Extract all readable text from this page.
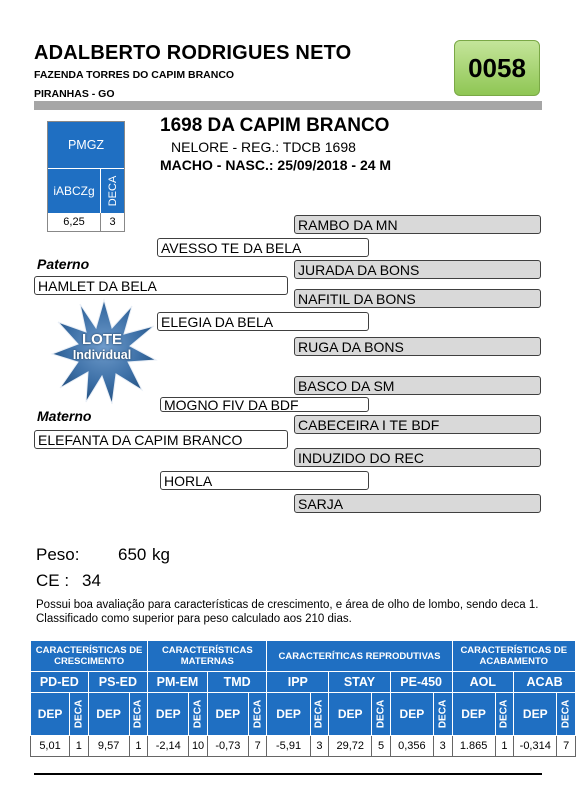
ADALBERTO RODRIGUES NETO
FAZENDA TORRES DO CAPIM BRANCO
PIRANHAS - GO
0058
PMGZ
iABCZg	DECA
6,25	3
1698 DA CAPIM BRANCO
NELORE - REG.: TDCB 1698
MACHO - NASC.: 25/09/2018 - 24 M
RAMBO DA MN
AVESSO TE DA BELA
Paterno	JURADA DA BONS
HAMLET DA BELA
NAFITIL DA BONS
ELEGIA DA BELA
RUGA DA BONS
LOTE
Individual
BASCO DA SM
MOGNO FIV DA BDF
Materno
CABECEIRA I TE BDF
ELEFANTA DA CAPIM BRANCO
INDUZIDO DO REC
HORLA
SARJA
Peso: 650 kg
CE : 34
Possui boa avaliação para características de crescimento, e área de olho de lombo, sendo deca 1. Classificado como superior para peso calculado aos 210 dias.
CARACTERÍSTICAS DE CRESCIMENTO				CARACTERÍSTICAS MATERNAS				CARACTERÍTICAS REPRODUTIVAS						CARACTERÍSTICAS DE ACABAMENTO			
PD-ED		PS-ED		PM-EM		TMD		IPP		STAY		PE-450		AOL		ACAB	
DEP	DECA	DEP	DECA	DEP	DECA	DEP	DECA	DEP	DECA	DEP	DECA	DEP	DECA	DEP	DECA	DEP	DECA

5,01	1	9,57	1	-2,14	10	-0,73	7	-5,91	3	29,72	5	0,356	3	1.865	1	-0,314	7
